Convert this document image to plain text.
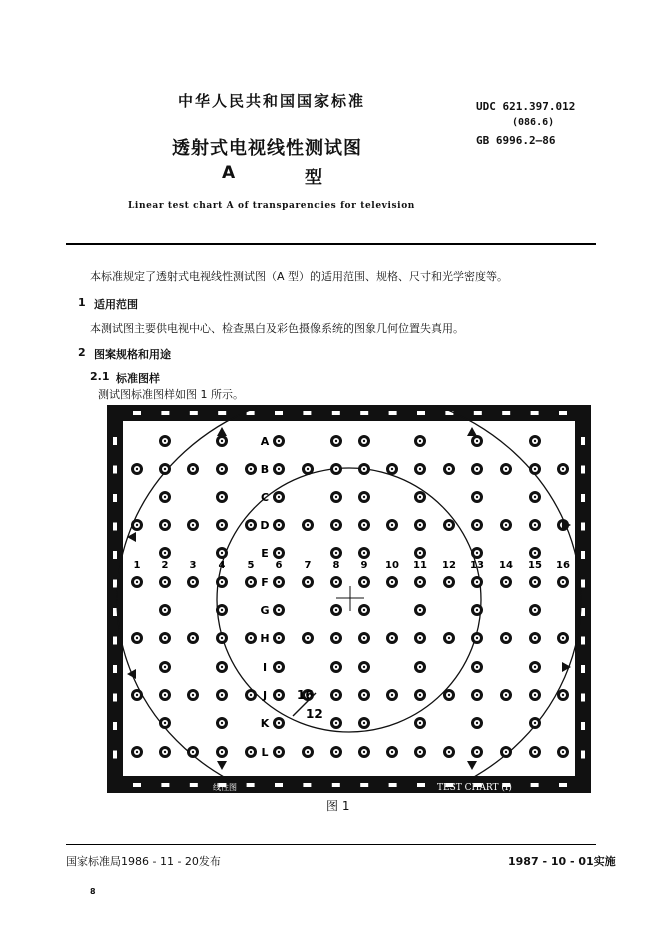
中华人民共和国国家标准	UDC 621.397.012
(086.6)
GB 6996.2—86
透射式电视线性测试图
A	型
Linear test chart A of transparencies for television
本标准规定了透射式电视线性测试图（A 型）的适用范围、规格、尺寸和光学密度等。
1 适用范围
本测试图主要供电视中心、检查黑白及彩色摄像系统的图象几何位置失真用。
2 图案规格和用途
2.1 标准图样
测试图标准图样如图 1 所示。
1 2 3 4 5 6 7 8 9 10 11 12 13 14 15 16
A
B
C
D
E
F
G
H
I
J
K
L
16
12
线性图	TEST CHART (I)
图 1
国家标准局1986 - 11 - 20发布	1987 - 10 - 01实施
8
